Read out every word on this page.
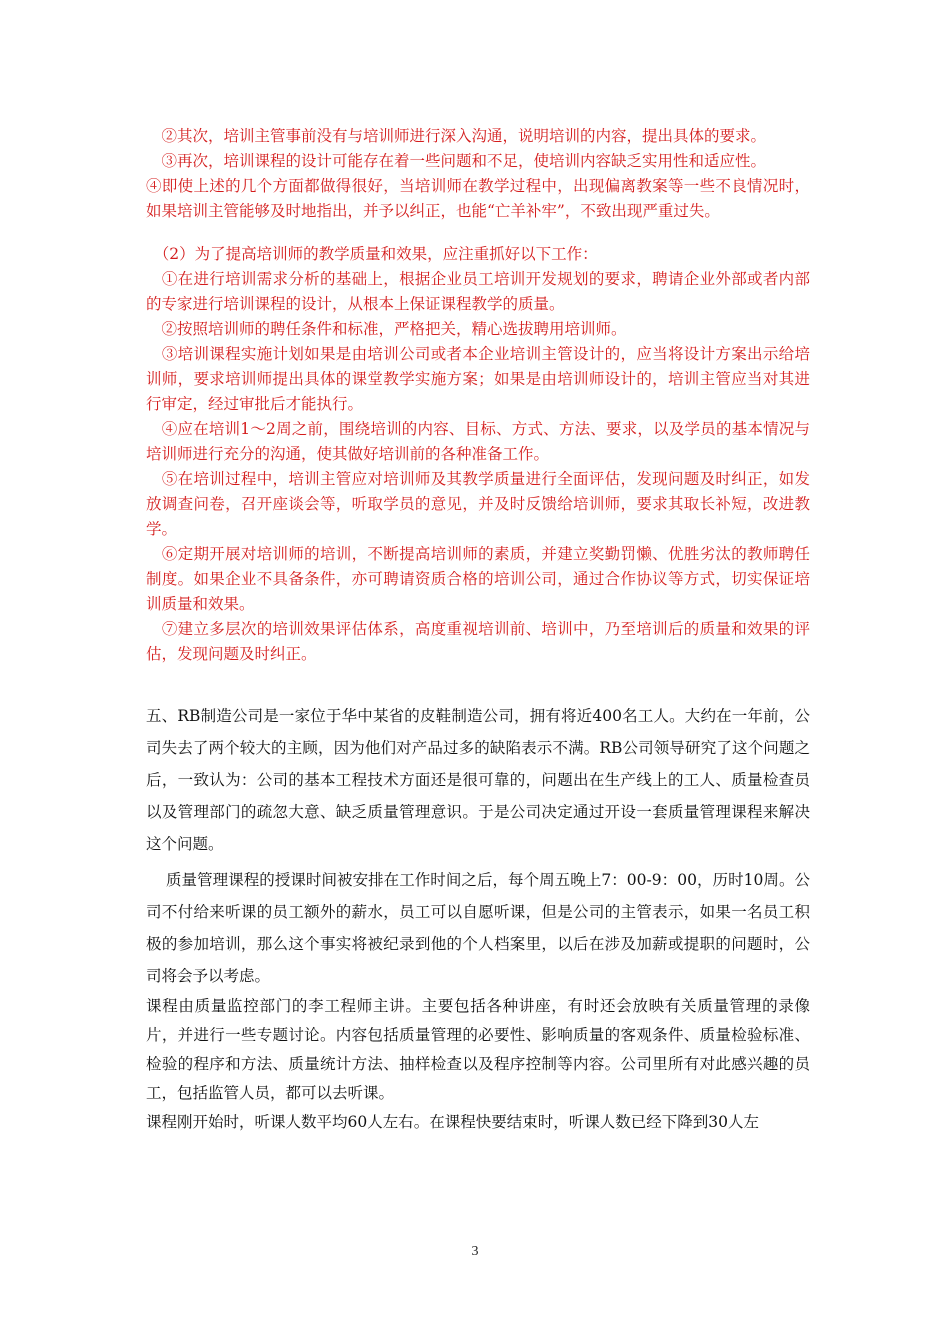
　②其次，培训主管事前没有与培训师进行深入沟通，说明培训的内容，提出具体的要求。

　③再次，培训课程的设计可能存在着一些问题和不足，使培训内容缺乏实用性和适应性。

④即使上述的几个方面都做得很好，当培训师在教学过程中，出现偏离教案等一些不良情况时，如果培训主管能够及时地指出，并予以纠正，也能“亡羊补牢”，不致出现严重过失。

　（2）为了提高培训师的教学质量和效果，应注重抓好以下工作：

　①在进行培训需求分析的基础上，根据企业员工培训开发规划的要求，聘请企业外部或者内部的专家进行培训课程的设计，从根本上保证课程教学的质量。

　②按照培训师的聘任条件和标准，严格把关，精心选拔聘用培训师。

　③培训课程实施计划如果是由培训公司或者本企业培训主管设计的，应当将设计方案出示给培训师，要求培训师提出具体的课堂教学实施方案；如果是由培训师设计的，培训主管应当对其进行审定，经过审批后才能执行。

　④应在培训1～2周之前，围绕培训的内容、目标、方式、方法、要求，以及学员的基本情况与培训师进行充分的沟通，使其做好培训前的各种准备工作。

　⑤在培训过程中，培训主管应对培训师及其教学质量进行全面评估，发现问题及时纠正，如发放调查问卷，召开座谈会等，听取学员的意见，并及时反馈给培训师，要求其取长补短，改进教学。

　⑥定期开展对培训师的培训，不断提高培训师的素质，并建立奖勤罚懒、优胜劣汰的教师聘任制度。如果企业不具备条件，亦可聘请资质合格的培训公司，通过合作协议等方式，切实保证培训质量和效果。

　⑦建立多层次的培训效果评估体系，高度重视培训前、培训中，乃至培训后的质量和效果的评估，发现问题及时纠正。

五、RB制造公司是一家位于华中某省的皮鞋制造公司，拥有将近400名工人。大约在一年前，公司失去了两个较大的主顾，因为他们对产品过多的缺陷表示不满。RB公司领导研究了这个问题之后，一致认为：公司的基本工程技术方面还是很可靠的，问题出在生产线上的工人、质量检查员以及管理部门的疏忽大意、缺乏质量管理意识。于是公司决定通过开设一套质量管理课程来解决这个问题。

质量管理课程的授课时间被安排在工作时间之后，每个周五晚上7：00-9：00，历时10周。公司不付给来听课的员工额外的薪水，员工可以自愿听课，但是公司的主管表示，如果一名员工积极的参加培训，那么这个事实将被纪录到他的个人档案里，以后在涉及加薪或提职的问题时，公司将会予以考虑。

课程由质量监控部门的李工程师主讲。主要包括各种讲座，有时还会放映有关质量管理的录像片，并进行一些专题讨论。内容包括质量管理的必要性、影响质量的客观条件、质量检验标准、检验的程序和方法、质量统计方法、抽样检查以及程序控制等内容。公司里所有对此感兴趣的员工，包括监管人员，都可以去听课。

课程刚开始时，听课人数平均60人左右。在课程快要结束时，听课人数已经下降到30人左

3
